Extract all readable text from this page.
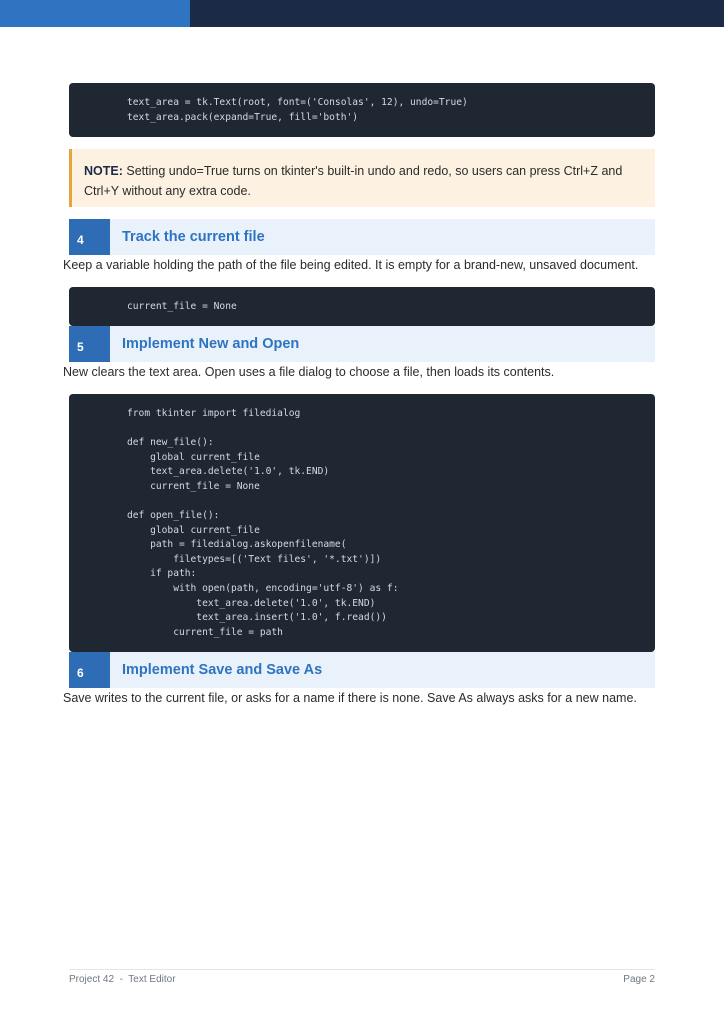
text_area = tk.Text(root, font=('Consolas', 12), undo=True)
text_area.pack(expand=True, fill='both')
NOTE: Setting undo=True turns on tkinter's built-in undo and redo, so users can press Ctrl+Z and Ctrl+Y without any extra code.
4	Track the current file

Keep a variable holding the path of the file being edited. It is empty for a brand-new, unsaved document.

current_file = None
5	Implement New and Open

New clears the text area. Open uses a file dialog to choose a file, then loads its contents.

from tkinter import filedialog

def new_file():
global current_file
text_area.delete('1.0', tk.END)
current_file = None

def open_file():
global current_file
path = filedialog.askopenfilename(
filetypes=[('Text files', '*.txt')])
if path:
with open(path, encoding='utf-8') as f:
text_area.delete('1.0', tk.END)
text_area.insert('1.0', f.read())
current_file = path
6	Implement Save and Save As

Save writes to the current file, or asks for a name if there is none. Save As always asks for a new name.

Project 42  -  Text Editor	Page 2
